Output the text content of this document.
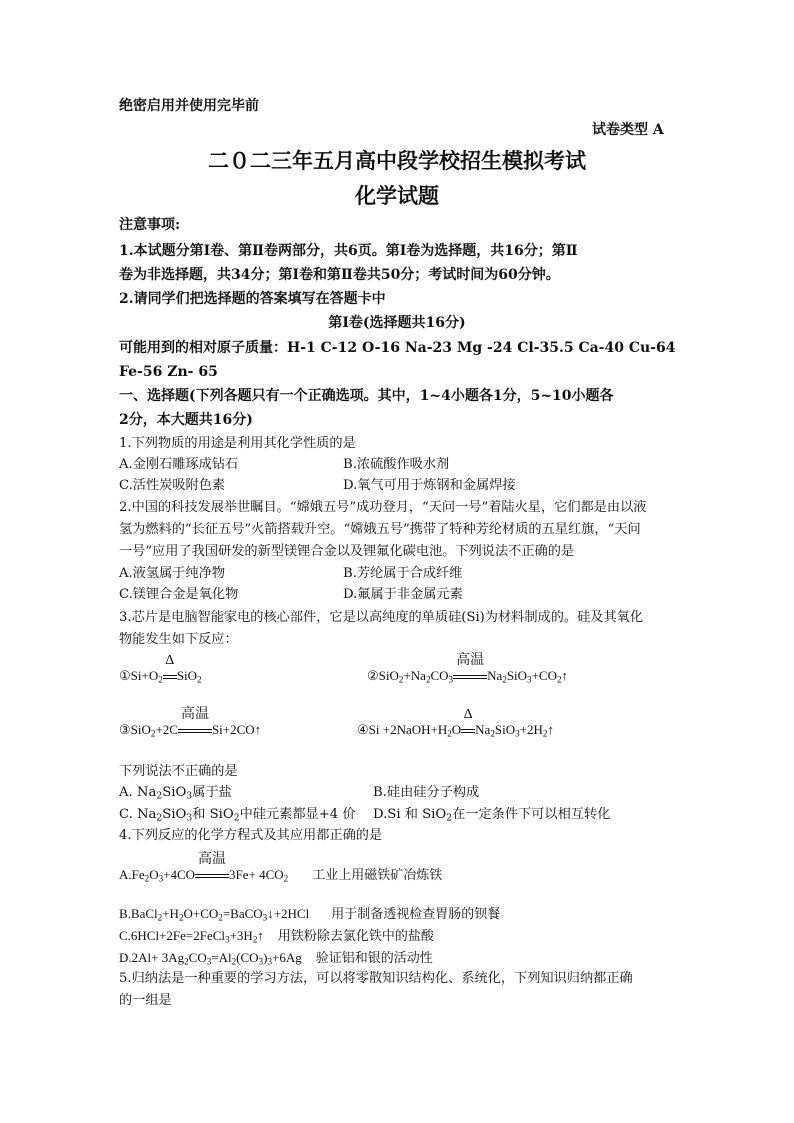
绝密启用并使用完毕前
试卷类型 A
二０二三年五月高中段学校招生模拟考试
化学试题
注意事项:
1.本试题分第Ⅰ卷、第Ⅱ卷两部分，共6页。第Ⅰ卷为选择题，共16分；第Ⅱ
卷为非选择题，共34分；第Ⅰ卷和第Ⅱ卷共50分；考试时间为60分钟。
2.请同学们把选择题的答案填写在答题卡中
第Ⅰ卷(选择题共16分)
可能用到的相对原子质量：H-1 C-12 O-16 Na-23 Mg -24 Cl-35.5 Ca-40 Cu-64
Fe-56 Zn- 65
一、选择题(下列各题只有一个正确选项。其中，1~4小题各1分，5~10小题各
2分，本大题共16分)
1.下列物质的用途是利用其化学性质的是
A.金刚石雕琢成钻石	B.浓硫酸作吸水剂
C.活性炭吸附色素	D.氧气可用于炼钢和金属焊接
2.中国的科技发展举世瞩目。“嫦娥五号”成功登月，“天问一号”着陆火星，它们都是由以液
氢为燃料的“长征五号”火箭搭载升空。“嫦娥五号”携带了特种芳纶材质的五星红旗，“天问
一号”应用了我国研发的新型镁锂合金以及锂氟化碳电池。下列说法不正确的是
A.液氢属于纯净物	B.芳纶属于合成纤维
C.镁锂合金是氧化物	D.氟属于非金属元素
3.芯片是电脑智能家电的核心部件，它是以高纯度的单质硅(Si)为材料制成的。硅及其氧化
物能发生如下反应：
$①Si+O_2$
Δ
SiO$_2$	$②SiO_2+Na_2CO_3$
高温
$Na_2SiO_3+CO_2↑$
③SiO$_2$+2C
高温
Si+2CO↑	④Si $+2NaOH+H_2O$
Δ
$Na_2SiO_3+2H_2↑$
下列说法不正确的是
A. $Na_2SiO_3$属于盐	B.硅由硅分子构成
C. $Na_2SiO_3$和 SiO$_2$中硅元素都显+4 价 D.Si 和 SiO$_2$在一定条件下可以相互转化
4.下列反应的化学方程式及其应用都正确的是
$A.Fe_2O_3+4CO$
高温
$3Fe+ 4CO_2$ 工业上用磁铁矿冶炼铁
$B.BaCl_2+H_2O+CO_2=BaCO_3↓+2HCl$ 用于制备透视检查胃肠的钡餐
$C.6HCl+2Fe=2FeCl_3+3H_2↑$ 用铁粉除去氯化铁中的盐酸
$D.2Al+ 3Ag_2CO_3=Al_2(CO_3)_3+6Ag$ 验证铝和银的活动性
5.归纳法是一种重要的学习方法，可以将零散知识结构化、系统化，下列知识归纳都正确
的一组是
